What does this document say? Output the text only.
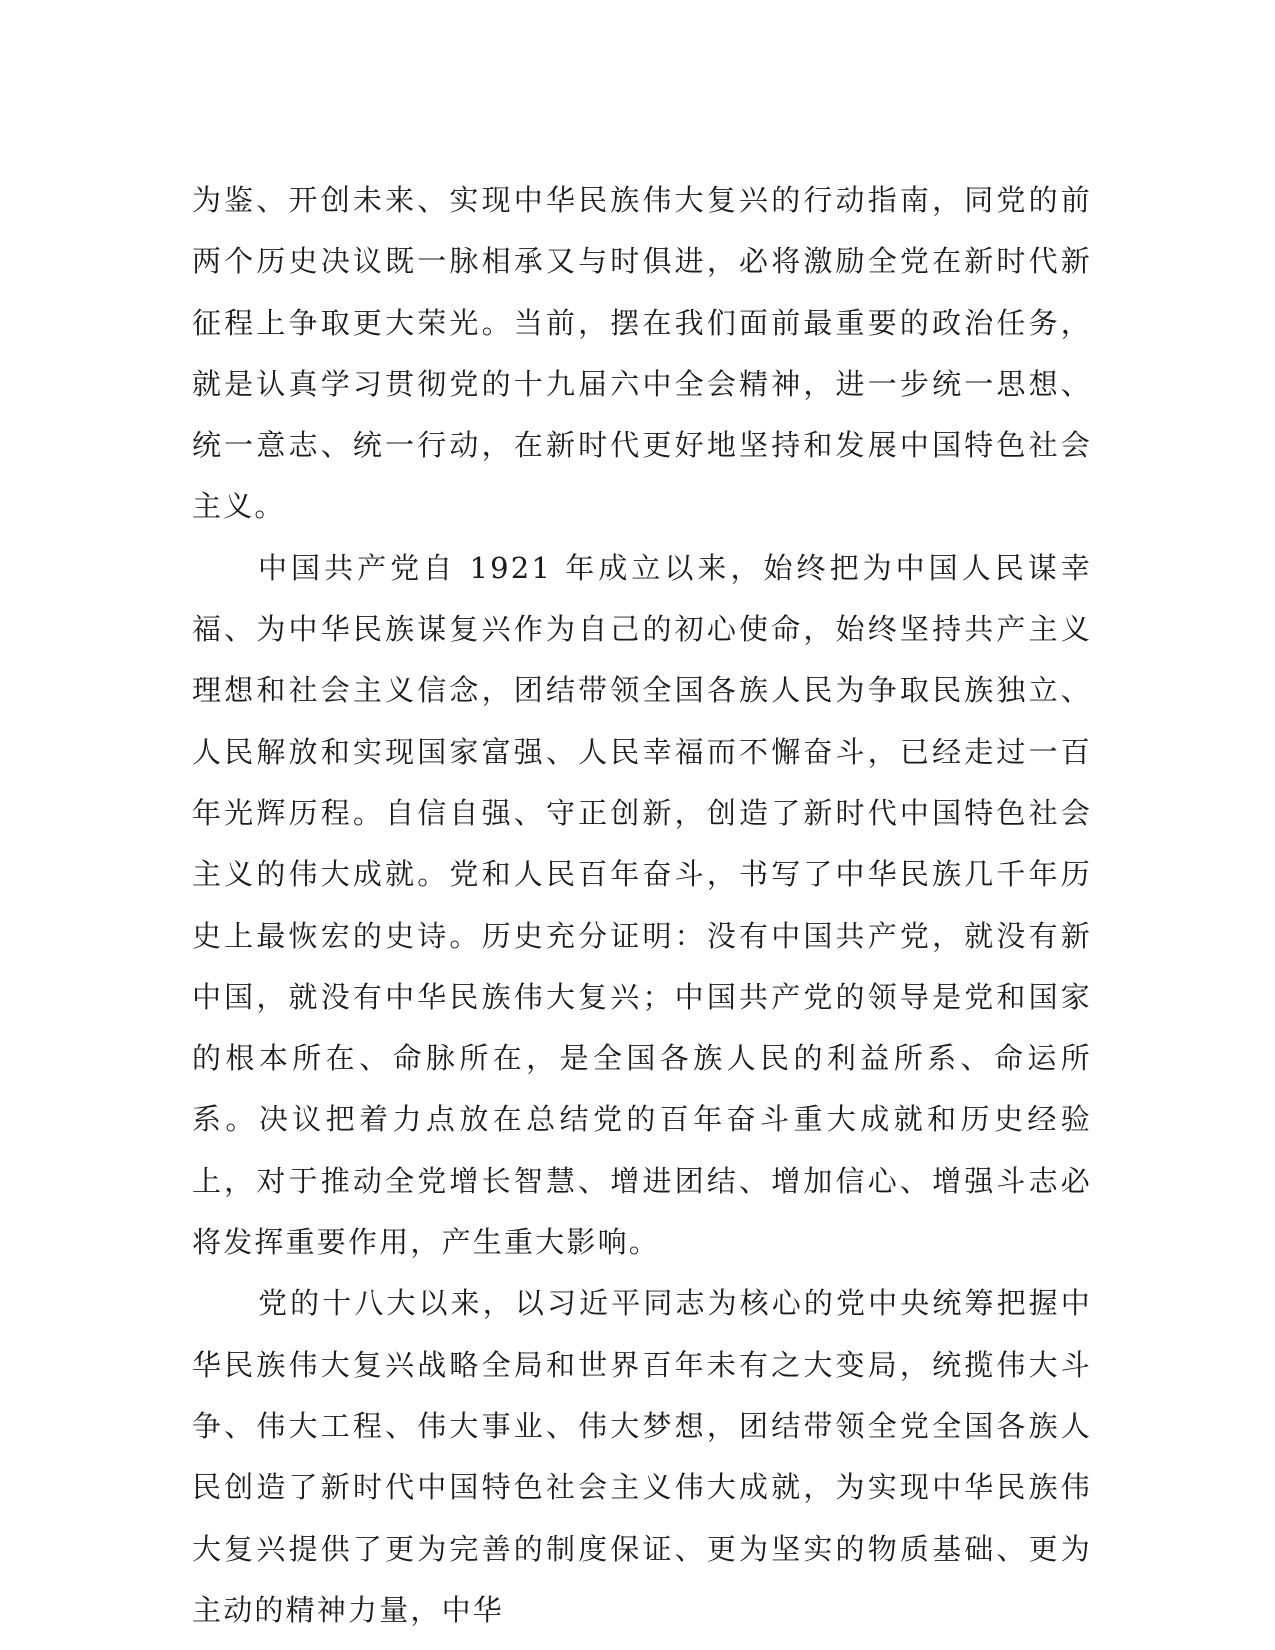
为鉴、开创未来、实现中华民族伟大复兴的行动指南，同党的前两个历史决议既一脉相承又与时俱进，必将激励全党在新时代新征程上争取更大荣光。当前，摆在我们面前最重要的政治任务，就是认真学习贯彻党的十九届六中全会精神，进一步统一思想、统一意志、统一行动，在新时代更好地坚持和发展中国特色社会主义。

中国共产党自 1921 年成立以来，始终把为中国人民谋幸福、为中华民族谋复兴作为自己的初心使命，始终坚持共产主义理想和社会主义信念，团结带领全国各族人民为争取民族独立、人民解放和实现国家富强、人民幸福而不懈奋斗，已经走过一百年光辉历程。自信自强、守正创新，创造了新时代中国特色社会主义的伟大成就。党和人民百年奋斗，书写了中华民族几千年历史上最恢宏的史诗。历史充分证明：没有中国共产党，就没有新中国，就没有中华民族伟大复兴；中国共产党的领导是党和国家的根本所在、命脉所在，是全国各族人民的利益所系、命运所系。决议把着力点放在总结党的百年奋斗重大成就和历史经验上，对于推动全党增长智慧、增进团结、增加信心、增强斗志必将发挥重要作用，产生重大影响。

党的十八大以来，以习近平同志为核心的党中央统筹把握中华民族伟大复兴战略全局和世界百年未有之大变局，统揽伟大斗争、伟大工程、伟大事业、伟大梦想，团结带领全党全国各族人民创造了新时代中国特色社会主义伟大成就，为实现中华民族伟大复兴提供了更为完善的制度保证、更为坚实的物质基础、更为主动的精神力量，中华
